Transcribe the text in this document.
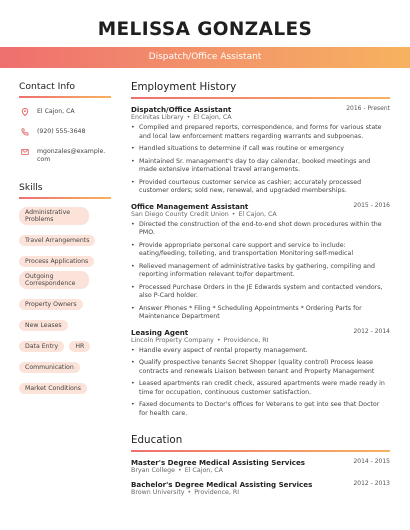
MELISSA GONZALES
Dispatch/Office Assistant
Contact Info
El Cajon, CA
(920) 555-3648
mgonzales@example.
com
Skills
Administrative Problems
Travel Arrangements
Process Applications
Outgoing Correspondence
Property Owners
New Leases
Data Entry	HR
Communication
Market Conditions
Employment History
Dispatch/Office Assistant	2016 - Present
Encinitas Library • El Cajon, CA
• Compiled and prepared reports, correspondence, and forms for various state and local law enforcement matters regarding warrants and subpoenas.
• Handled situations to determine if call was routine or emergency
• Maintained Sr. management's day to day calendar, booked meetings and made extensive international travel arrangements.
• Provided courteous customer service as cashier; accurately processed customer orders; sold new, renewal, and upgraded memberships.
Office Management Assistant	2015 - 2016
San Diego County Credit Union • El Cajon, CA
• Directed the construction of the end-to-end shot down procedures within the PMO.
• Provide appropriate personal care support and service to include: eating/feeding, toileting, and transportation Monitoring self-medical
• Relieved management of administrative tasks by gathering, compiling and reporting information relevant to/for department.
• Processed Purchase Orders in the JE Edwards system and contacted vendors, also P-Card holder.
• Answer Phones * Filing * Scheduling Appointments * Ordering Parts for Maintenance Department
Leasing Agent	2012 - 2014
Lincoln Property Company • Providence, RI
• Handle every aspect of rental property management.
• Qualify prospective tenants Secret Shopper (quality control) Process lease contracts and renewals Liaison between tenant and Property Management
• Leased apartments ran credit check, assured apartments were made ready in time for occupation, continuous customer satisfaction.
• Faxed documents to Doctor's offices for Veterans to get into see that Doctor for health care.
Education
Master's Degree Medical Assisting Services	2014 - 2015
Bryan College • El Cajon, CA
Bachelor's Degree Medical Assisting Services	2012 - 2013
Brown University • Providence, RI
